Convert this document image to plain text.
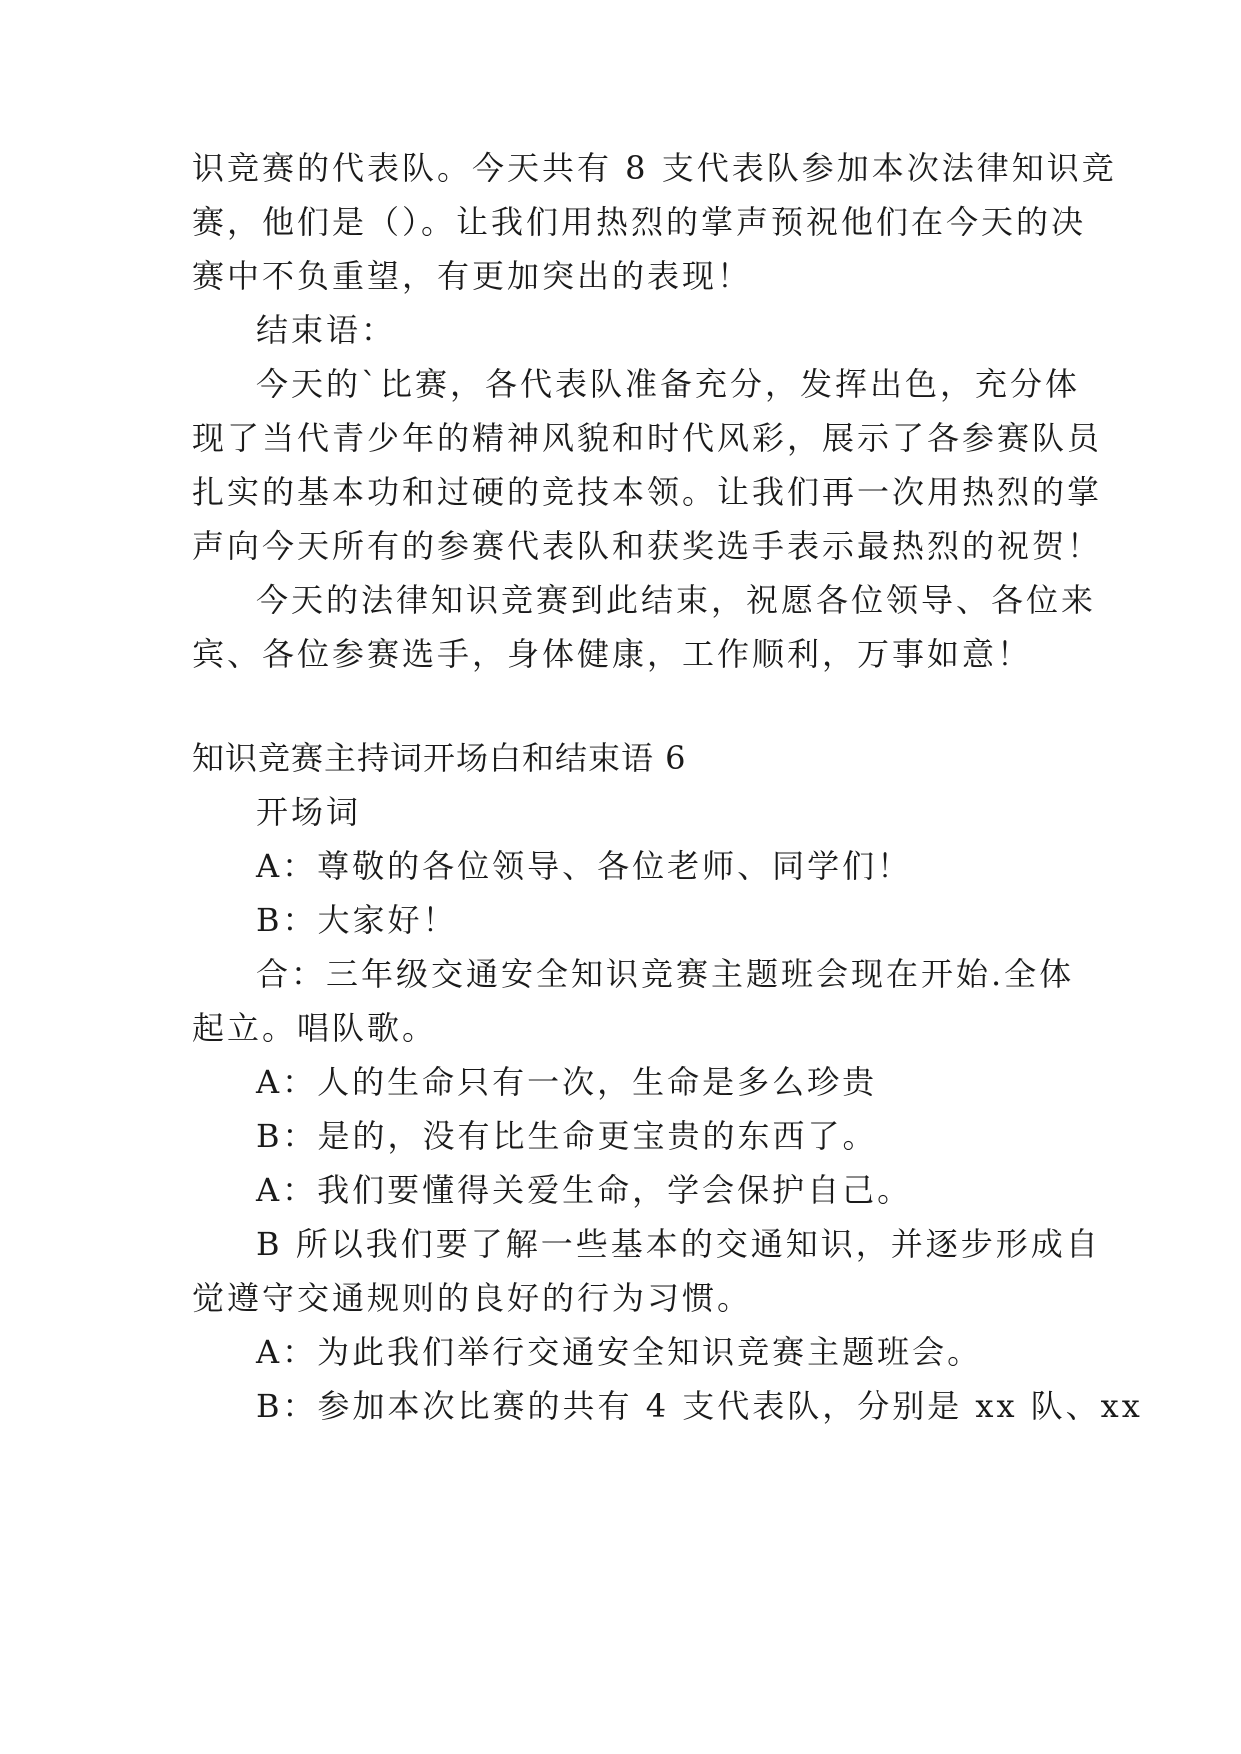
识竞赛的代表队。今天共有 8 支代表队参加本次法律知识竞
赛，他们是（）。让我们用热烈的掌声预祝他们在今天的决
赛中不负重望，有更加突出的表现！
结束语：
今天的`比赛，各代表队准备充分，发挥出色，充分体
现了当代青少年的精神风貌和时代风彩，展示了各参赛队员
扎实的基本功和过硬的竞技本领。让我们再一次用热烈的掌
声向今天所有的参赛代表队和获奖选手表示最热烈的祝贺！
今天的法律知识竞赛到此结束，祝愿各位领导、各位来
宾、各位参赛选手，身体健康，工作顺利，万事如意！
知识竞赛主持词开场白和结束语 6
开场词
A：尊敬的各位领导、各位老师、同学们！
B：大家好！
合：三年级交通安全知识竞赛主题班会现在开始.全体
起立。唱队歌。
A：人的生命只有一次，生命是多么珍贵
B：是的，没有比生命更宝贵的东西了。
A：我们要懂得关爱生命，学会保护自己。
B 所以我们要了解一些基本的交通知识，并逐步形成自
觉遵守交通规则的良好的行为习惯。
A：为此我们举行交通安全知识竞赛主题班会。
B：参加本次比赛的共有 4 支代表队，分别是 xx 队、xx
